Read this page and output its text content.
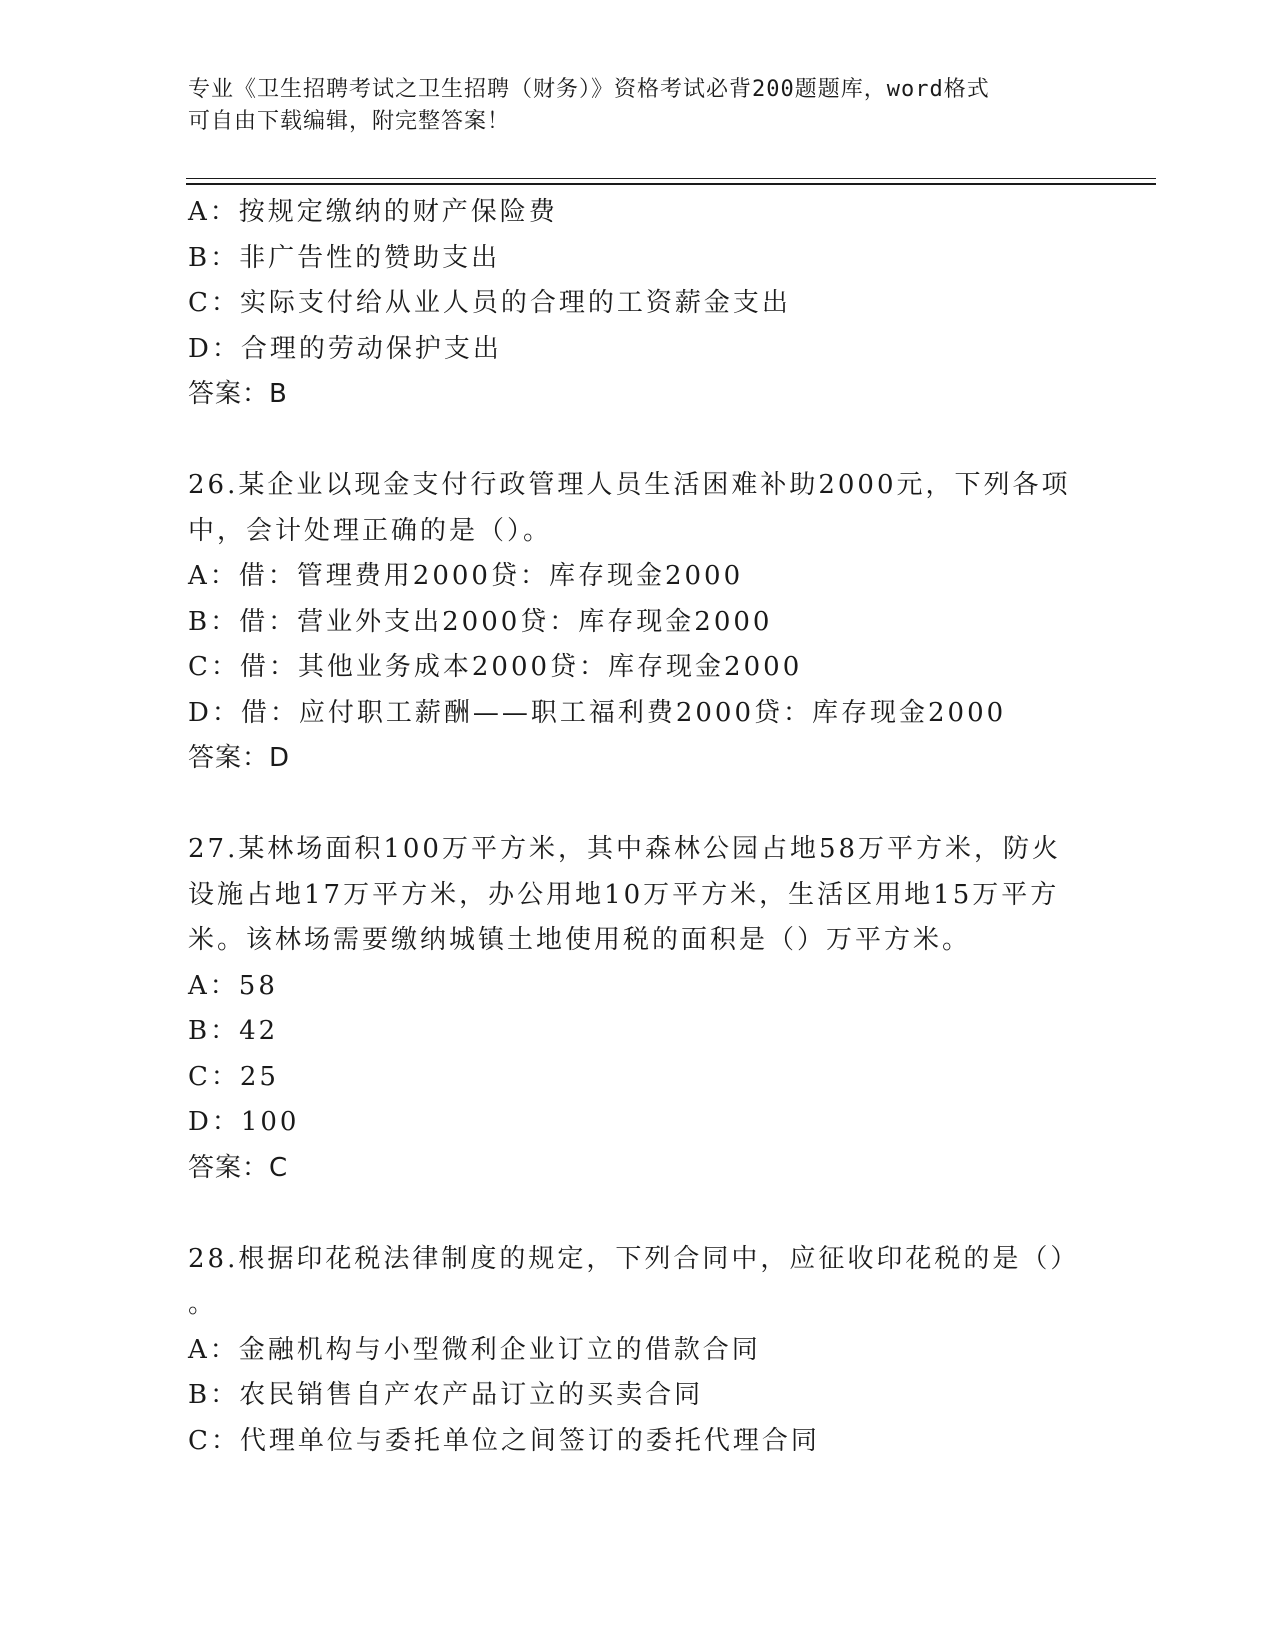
专业《卫生招聘考试之卫生招聘（财务）》资格考试必背200题题库，word格式
可自由下载编辑，附完整答案！
A：按规定缴纳的财产保险费
B：非广告性的赞助支出
C：实际支付给从业人员的合理的工资薪金支出
D：合理的劳动保护支出
答案：B
26.某企业以现金支付行政管理人员生活困难补助2000元，下列各项
中，会计处理正确的是（）。
A：借：管理费用2000贷：库存现金2000
B：借：营业外支出2000贷：库存现金2000
C：借：其他业务成本2000贷：库存现金2000
D：借：应付职工薪酬——职工福利费2000贷：库存现金2000
答案：D
27.某林场面积100万平方米，其中森林公园占地58万平方米，防火
设施占地17万平方米，办公用地10万平方米，生活区用地15万平方
米。该林场需要缴纳城镇土地使用税的面积是（）万平方米。
A：58
B：42
C：25
D：100
答案：C
28.根据印花税法律制度的规定，下列合同中，应征收印花税的是（）
。
A：金融机构与小型微利企业订立的借款合同
B：农民销售自产农产品订立的买卖合同
C：代理单位与委托单位之间签订的委托代理合同
